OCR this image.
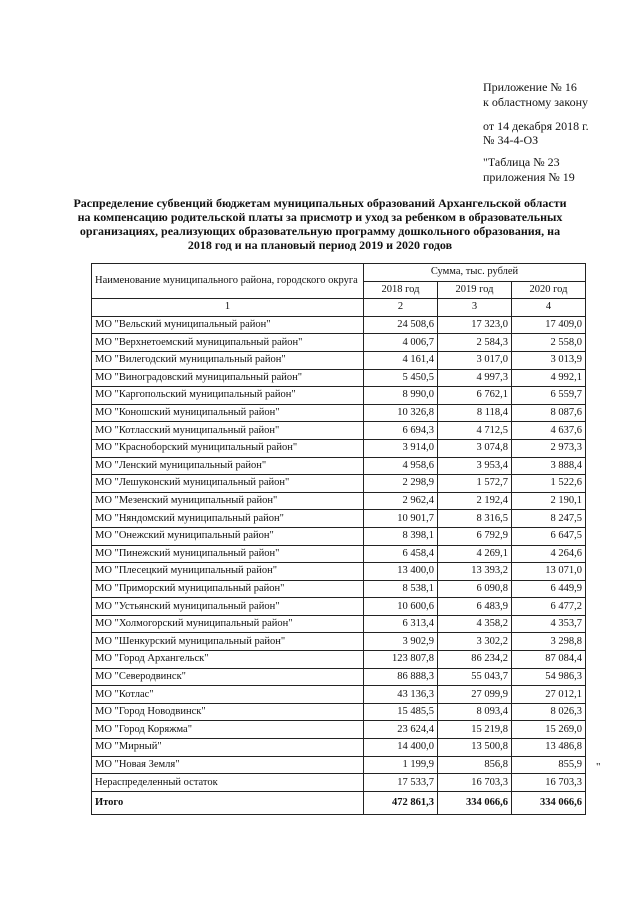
Приложение № 16
к областному закону
от 14 декабря 2018 г.
№ 34-4-ОЗ
"Таблица № 23
приложения № 19
Распределение субвенций бюджетам муниципальных образований Архангельской области на компенсацию родительской платы за присмотр и уход за ребенком в образовательных организациях, реализующих образовательную программу дошкольного образования, на 2018 год и на плановый период 2019 и 2020 годов
Наименование муниципального района, городского округа	Сумма, тыс. рублей		
	2018 год	2019 год	2020 год
1	2	3	4
МО "Вельский муниципальный район"	24 508,6	17 323,0	17 409,0
МО "Верхнетоемский муниципальный район"	4 006,7	2 584,3	2 558,0
МО "Вилегодский муниципальный район"	4 161,4	3 017,0	3 013,9
МО "Виноградовский муниципальный район"	5 450,5	4 997,3	4 992,1
МО "Каргопольский муниципальный район"	8 990,0	6 762,1	6 559,7
МО "Коношский муниципальный район"	10 326,8	8 118,4	8 087,6
МО "Котласский муниципальный район"	6 694,3	4 712,5	4 637,6
МО "Красноборский муниципальный район"	3 914,0	3 074,8	2 973,3
МО "Ленский муниципальный район"	4 958,6	3 953,4	3 888,4
МО "Лешуконский муниципальный район"	2 298,9	1 572,7	1 522,6
МО "Мезенский муниципальный район"	2 962,4	2 192,4	2 190,1
МО "Няндомский муниципальный район"	10 901,7	8 316,5	8 247,5
МО "Онежский муниципальный район"	8 398,1	6 792,9	6 647,5
МО "Пинежский муниципальный район"	6 458,4	4 269,1	4 264,6
МО "Плесецкий муниципальный район"	13 400,0	13 393,2	13 071,0
МО "Приморский муниципальный район"	8 538,1	6 090,8	6 449,9
МО "Устьянский муниципальный район"	10 600,6	6 483,9	6 477,2
МО "Холмогорский муниципальный район"	6 313,4	4 358,2	4 353,7
МО "Шенкурский муниципальный район"	3 902,9	3 302,2	3 298,8
МО "Город Архангельск"	123 807,8	86 234,2	87 084,4
МО "Северодвинск"	86 888,3	55 043,7	54 986,3
МО "Котлас"	43 136,3	27 099,9	27 012,1
МО "Город Новодвинск"	15 485,5	8 093,4	8 026,3
МО "Город Коряжма"	23 624,4	15 219,8	15 269,0
МО "Мирный"	14 400,0	13 500,8	13 486,8
МО "Новая Земля"	1 199,9	856,8	855,9
Нераспределенный остаток	17 533,7	16 703,3	16 703,3
Итого	472 861,3	334 066,6	334 066,6
"
